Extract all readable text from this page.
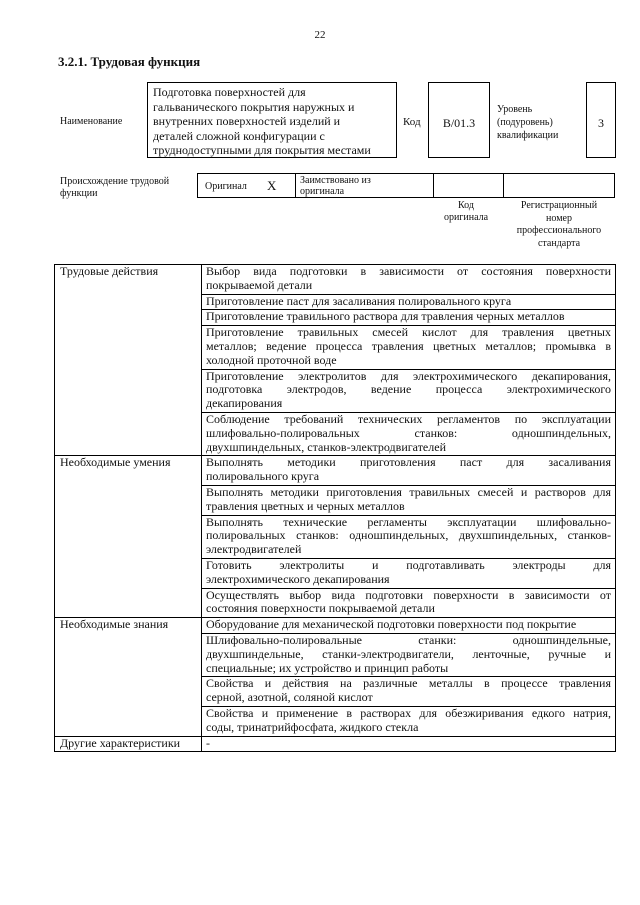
22
3.2.1. Трудовая функция
Наименование
Подготовка поверхностей для
гальванического покрытия наружных и
внутренних поверхностей изделий и
деталей сложной конфигурации с
труднодоступными для покрытия местами
Код	B/01.3
Уровень
(подуровень)
квалификации
3
Происхождение трудовой
функции
Оригинал X Заимствовано из
оригинала
Код
оригинала
Регистрационный
номер
профессионального
стандарта
Трудовые действия	Выбор вида подготовки в зависимости от состояния поверхности
покрываемой детали

	Приготовление паст для засаливания полировального круга

	Приготовление травильного раствора для травления черных металлов

	Приготовление травильных смесей кислот для травления цветных
металлов; ведение процесса травления цветных металлов; промывка в
холодной проточной воде

	Приготовление электролитов для электрохимического декапирования,
подготовка электродов, ведение процесса электрохимического
декапирования

	Соблюдение требований технических регламентов по эксплуатации
шлифовально-полировальных станков: одношпиндельных,
двухшпиндельных, станков-электродвигателей

Необходимые умения	Выполнять методики приготовления паст для засаливания
полировального круга

	Выполнять методики приготовления травильных смесей и растворов для
травления цветных и черных металлов

	Выполнять технические регламенты эксплуатации шлифовально-
полировальных станков: одношпиндельных, двухшпиндельных, станков-
электродвигателей

	Готовить электролиты и подготавливать электроды для
электрохимического декапирования

	Осуществлять выбор вида подготовки поверхности в зависимости от
состояния поверхности покрываемой детали

Необходимые знания	Оборудование для механической подготовки поверхности под покрытие

	Шлифовально-полировальные станки: одношпиндельные,
двухшпиндельные, станки-электродвигатели, ленточные, ручные и
специальные; их устройство и принцип работы

	Свойства и действия на различные металлы в процессе травления
серной, азотной, соляной кислот

	Свойства и применение в растворах для обезжиривания едкого натрия,
соды, тринатрийфосфата, жидкого стекла

Другие характеристики	-
